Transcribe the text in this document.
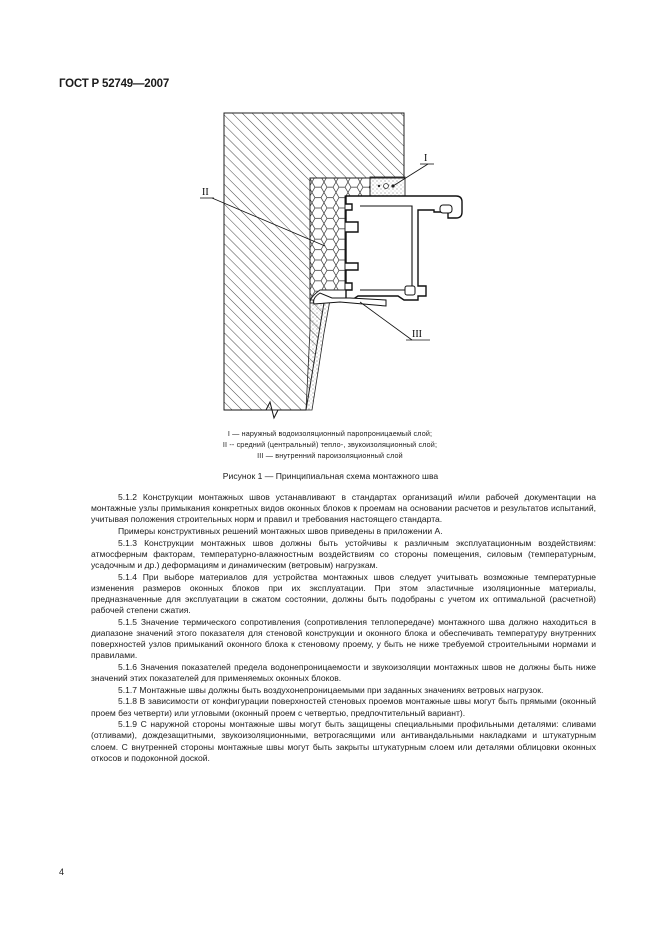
ГОСТ Р 52749—2007
I
II
III
I — наружный водоизоляционный паропроницаемый слой;
II -- средний (центральный) тепло-, звукоизоляционный слой;
III — внутренний пароизоляционный слой
Рисунок 1 — Принципиальная схема монтажного шва

5.1.2 Конструкции монтажных швов устанавливают в стандартах организаций и/или рабочей документации на монтажные узлы примыкания конкретных видов оконных блоков к проемам на основании расчетов и результатов испытаний, учитывая положения строительных норм и правил и требования настоящего стандарта.

Примеры конструктивных решений монтажных швов приведены в приложении А.

5.1.3 Конструкции монтажных швов должны быть устойчивы к различным эксплуатационным воздействиям: атмосферным факторам, температурно-влажностным воздействиям со стороны помещения, силовым (температурным, усадочным и др.) деформациям и динамическим (ветровым) нагрузкам.

5.1.4 При выборе материалов для устройства монтажных швов следует учитывать возможные температурные изменения размеров оконных блоков при их эксплуатации. При этом эластичные изоляционные материалы, предназначенные для эксплуатации в сжатом состоянии, должны быть подобраны с учетом их оптимальной (расчетной) рабочей степени сжатия.

5.1.5 Значение термического сопротивления (сопротивления теплопередаче) монтажного шва должно находиться в диапазоне значений этого показателя для стеновой конструкции и оконного блока и обеспечивать температуру внутренних поверхностей узлов примыканий оконного блока к стеновому проему, у быть не ниже требуемой строительными нормами и правилами.

5.1.6 Значения показателей предела водонепроницаемости и звукоизоляции монтажных швов не должны быть ниже значений этих показателей для применяемых оконных блоков.

5.1.7 Монтажные швы должны быть воздухонепроницаемыми при заданных значениях ветровых нагрузок.

5.1.8 В зависимости от конфигурации поверхностей стеновых проемов монтажные швы могут быть прямыми (оконный проем без четверти) или угловыми (оконный проем с четвертью, предпочтительный вариант).

5.1.9 С наружной стороны монтажные швы могут быть защищены специальными профильными деталями: сливами (отливами), дождезащитными, звукоизоляционными, ветрогасящими или антивандальными накладками и штукатурным слоем. С внутренней стороны монтажные швы могут быть закрыты штукатурным слоем или деталями облицовки оконных откосов и подоконной доской.

4
